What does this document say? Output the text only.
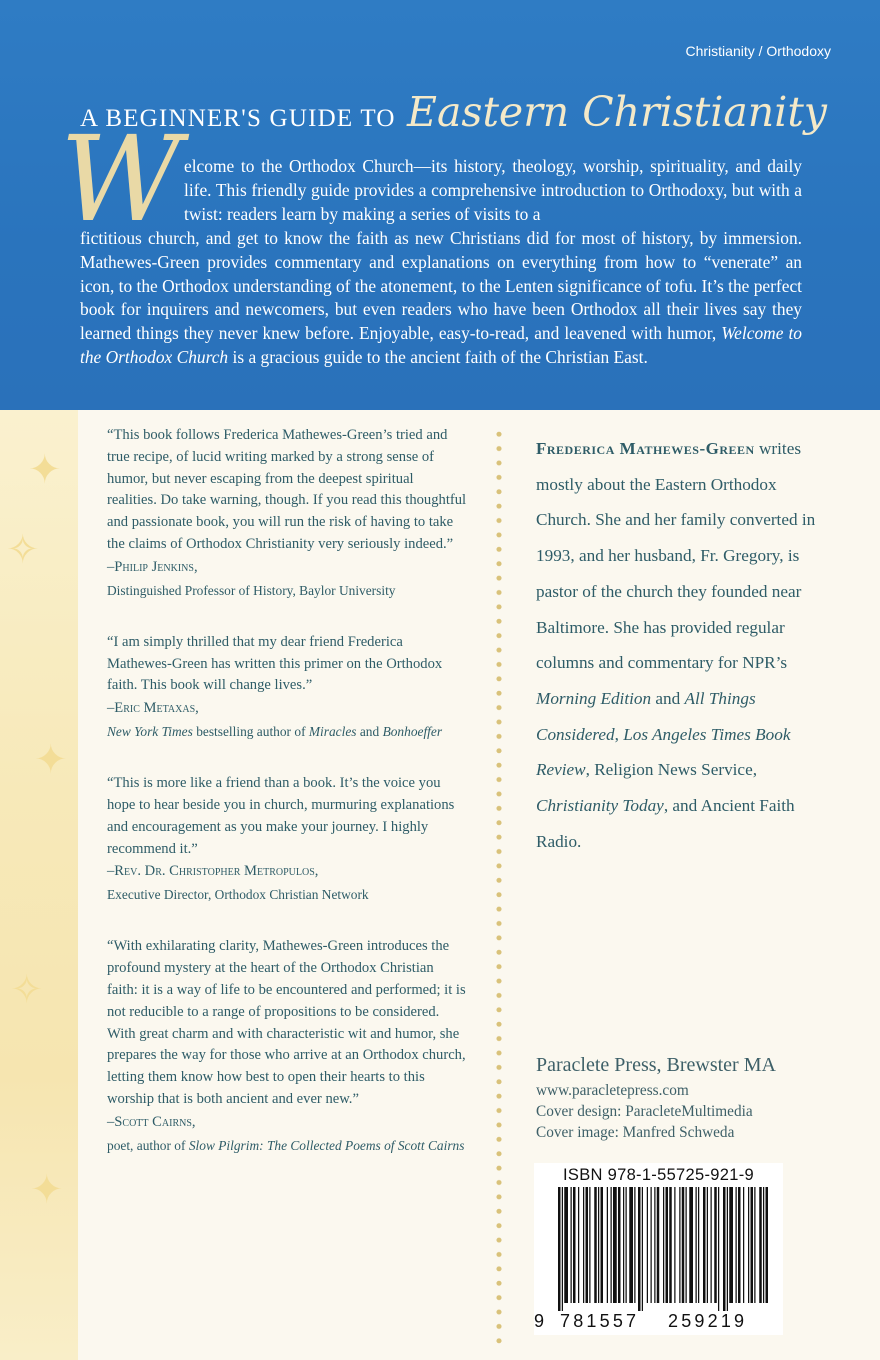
Christianity / Orthodoxy
A BEGINNER'S GUIDE TO Eastern Christianity
W elcome to the Orthodox Church—its history, theology, worship, spirituality, and daily life. This friendly guide provides a comprehensive introduction to Orthodoxy, but with a twist: readers learn by making a series of visits to a
fictitious church, and get to know the faith as new Christians did for most of history, by immersion. Mathewes-Green provides commentary and explanations on everything from how to “venerate” an icon, to the Orthodox understanding of the atonement, to the Lenten significance of tofu. It’s the perfect book for inquirers and newcomers, but even readers who have been Orthodox all their lives say they learned things they never knew before. Enjoyable, easy-to-read, and leavened with humor, Welcome to the Orthodox Church is a gracious guide to the ancient faith of the Christian East.
✦
✧
✦
✧
✦

“This book follows Frederica Mathewes-Green’s tried and true recipe, of lucid writing marked by a strong sense of humor, but never escaping from the deepest spiritual realities. Do take warning, though. If you read this thoughtful and passionate book, you will run the risk of having to take the claims of Orthodox Christianity very seriously indeed.”

–Philip Jenkins,
Distinguished Professor of History, Baylor University

“I am simply thrilled that my dear friend Frederica Mathewes-Green has written this primer on the Orthodox faith. This book will change lives.”

–Eric Metaxas,
New York Times bestselling author of Miracles and Bonhoeffer

“This is more like a friend than a book. It’s the voice you hope to hear beside you in church, murmuring explanations and encouragement as you make your journey. I highly recommend it.”

–Rev. Dr. Christopher Metropulos,
Executive Director, Orthodox Christian Network

“With exhilarating clarity, Mathewes-Green introduces the profound mystery at the heart of the Orthodox Christian faith: it is a way of life to be encountered and performed; it is not reducible to a range of propositions to be considered. With great charm and with characteristic wit and humor, she prepares the way for those who arrive at an Orthodox church, letting them know how best to open their hearts to this worship that is both ancient and ever new.”

–Scott Cairns,
poet, author of Slow Pilgrim: The Collected Poems of Scott Cairns
Frederica Mathewes-Green writes mostly about the Eastern Orthodox Church. She and her family converted in 1993, and her husband, Fr. Gregory, is pastor of the church they founded near Baltimore. She has provided regular columns and commentary for NPR’s Morning Edition and All Things Considered, Los Angeles Times Book Review, Religion News Service, Christianity Today, and Ancient Faith Radio.
Paraclete Press, Brewster MA
www.paracletepress.com
Cover design: ParacleteMultimedia
Cover image: Manfred Schweda
ISBN 978-1-55725-921-9
9 781557 259219
